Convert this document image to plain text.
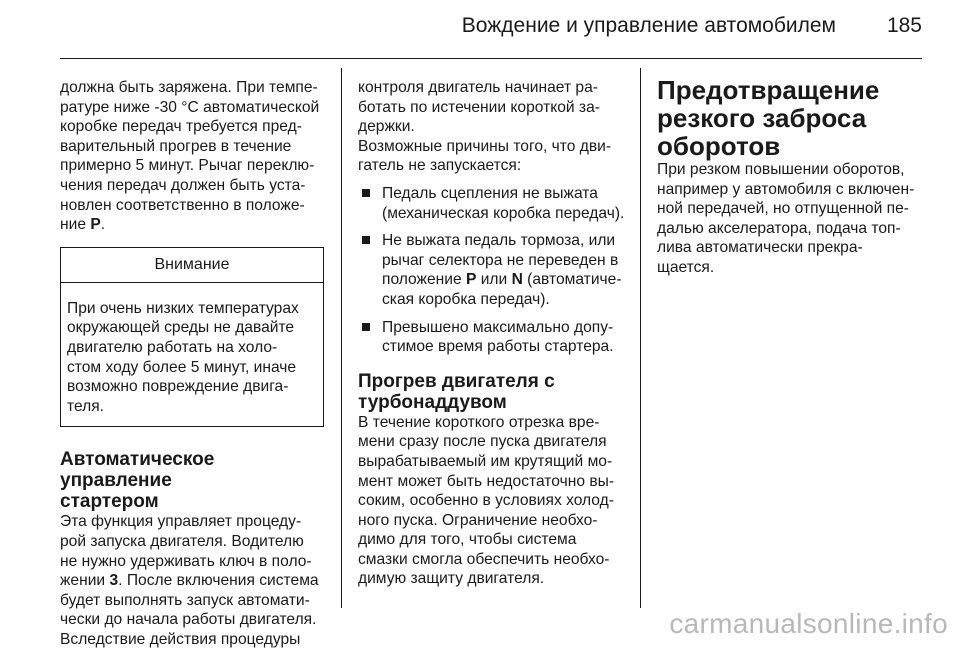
Вождение и управление автомобилем 185

должна быть заряжена. При темпе-
ратуре ниже -30 °С автоматической
коробке передач требуется пред-
варительный прогрев в течение
примерно 5 минут. Рычаг переклю-
чения передач должен быть уста-
новлен соответственно в положе-
ние P.

Внимание
При очень низких температурах
окружающей среды не давайте
двигателю работать на холо-
стом ходу более 5 минут, иначе
возможно повреждение двига-
теля.
Автоматическое управление
стартером

Эта функция управляет процеду-
рой запуска двигателя. Водителю
не нужно удерживать ключ в поло-
жении 3. После включения система
будет выполнять запуск автомати-
чески до начала работы двигателя.
Вследствие действия процедуры

контроля двигатель начинает ра-
ботать по истечении короткой за-
держки.

Возможные причины того, что дви-
гатель не запускается:

Педаль сцепления не выжата
(механическая коробка передач).
Не выжата педаль тормоза, или
рычаг селектора не переведен в
положение P или N (автоматиче-
ская коробка передач).
Превышено максимально допу-
стимое время работы стартера.
Прогрев двигателя с
турбонаддувом

В течение короткого отрезка вре-
мени сразу после пуска двигателя
вырабатываемый им крутящий мо-
мент может быть недостаточно вы-
соким, особенно в условиях холод-
ного пуска. Ограничение необхо-
димо для того, чтобы система
смазки смогла обеспечить необхо-
димую защиту двигателя.

Предотвращение
резкого заброса
оборотов

При резком повышении оборотов,
например у автомобиля с включен-
ной передачей, но отпущенной пе-
далью акселератора, подача топ-
лива автоматически прекра-
щается.

carmanualsonline.info
